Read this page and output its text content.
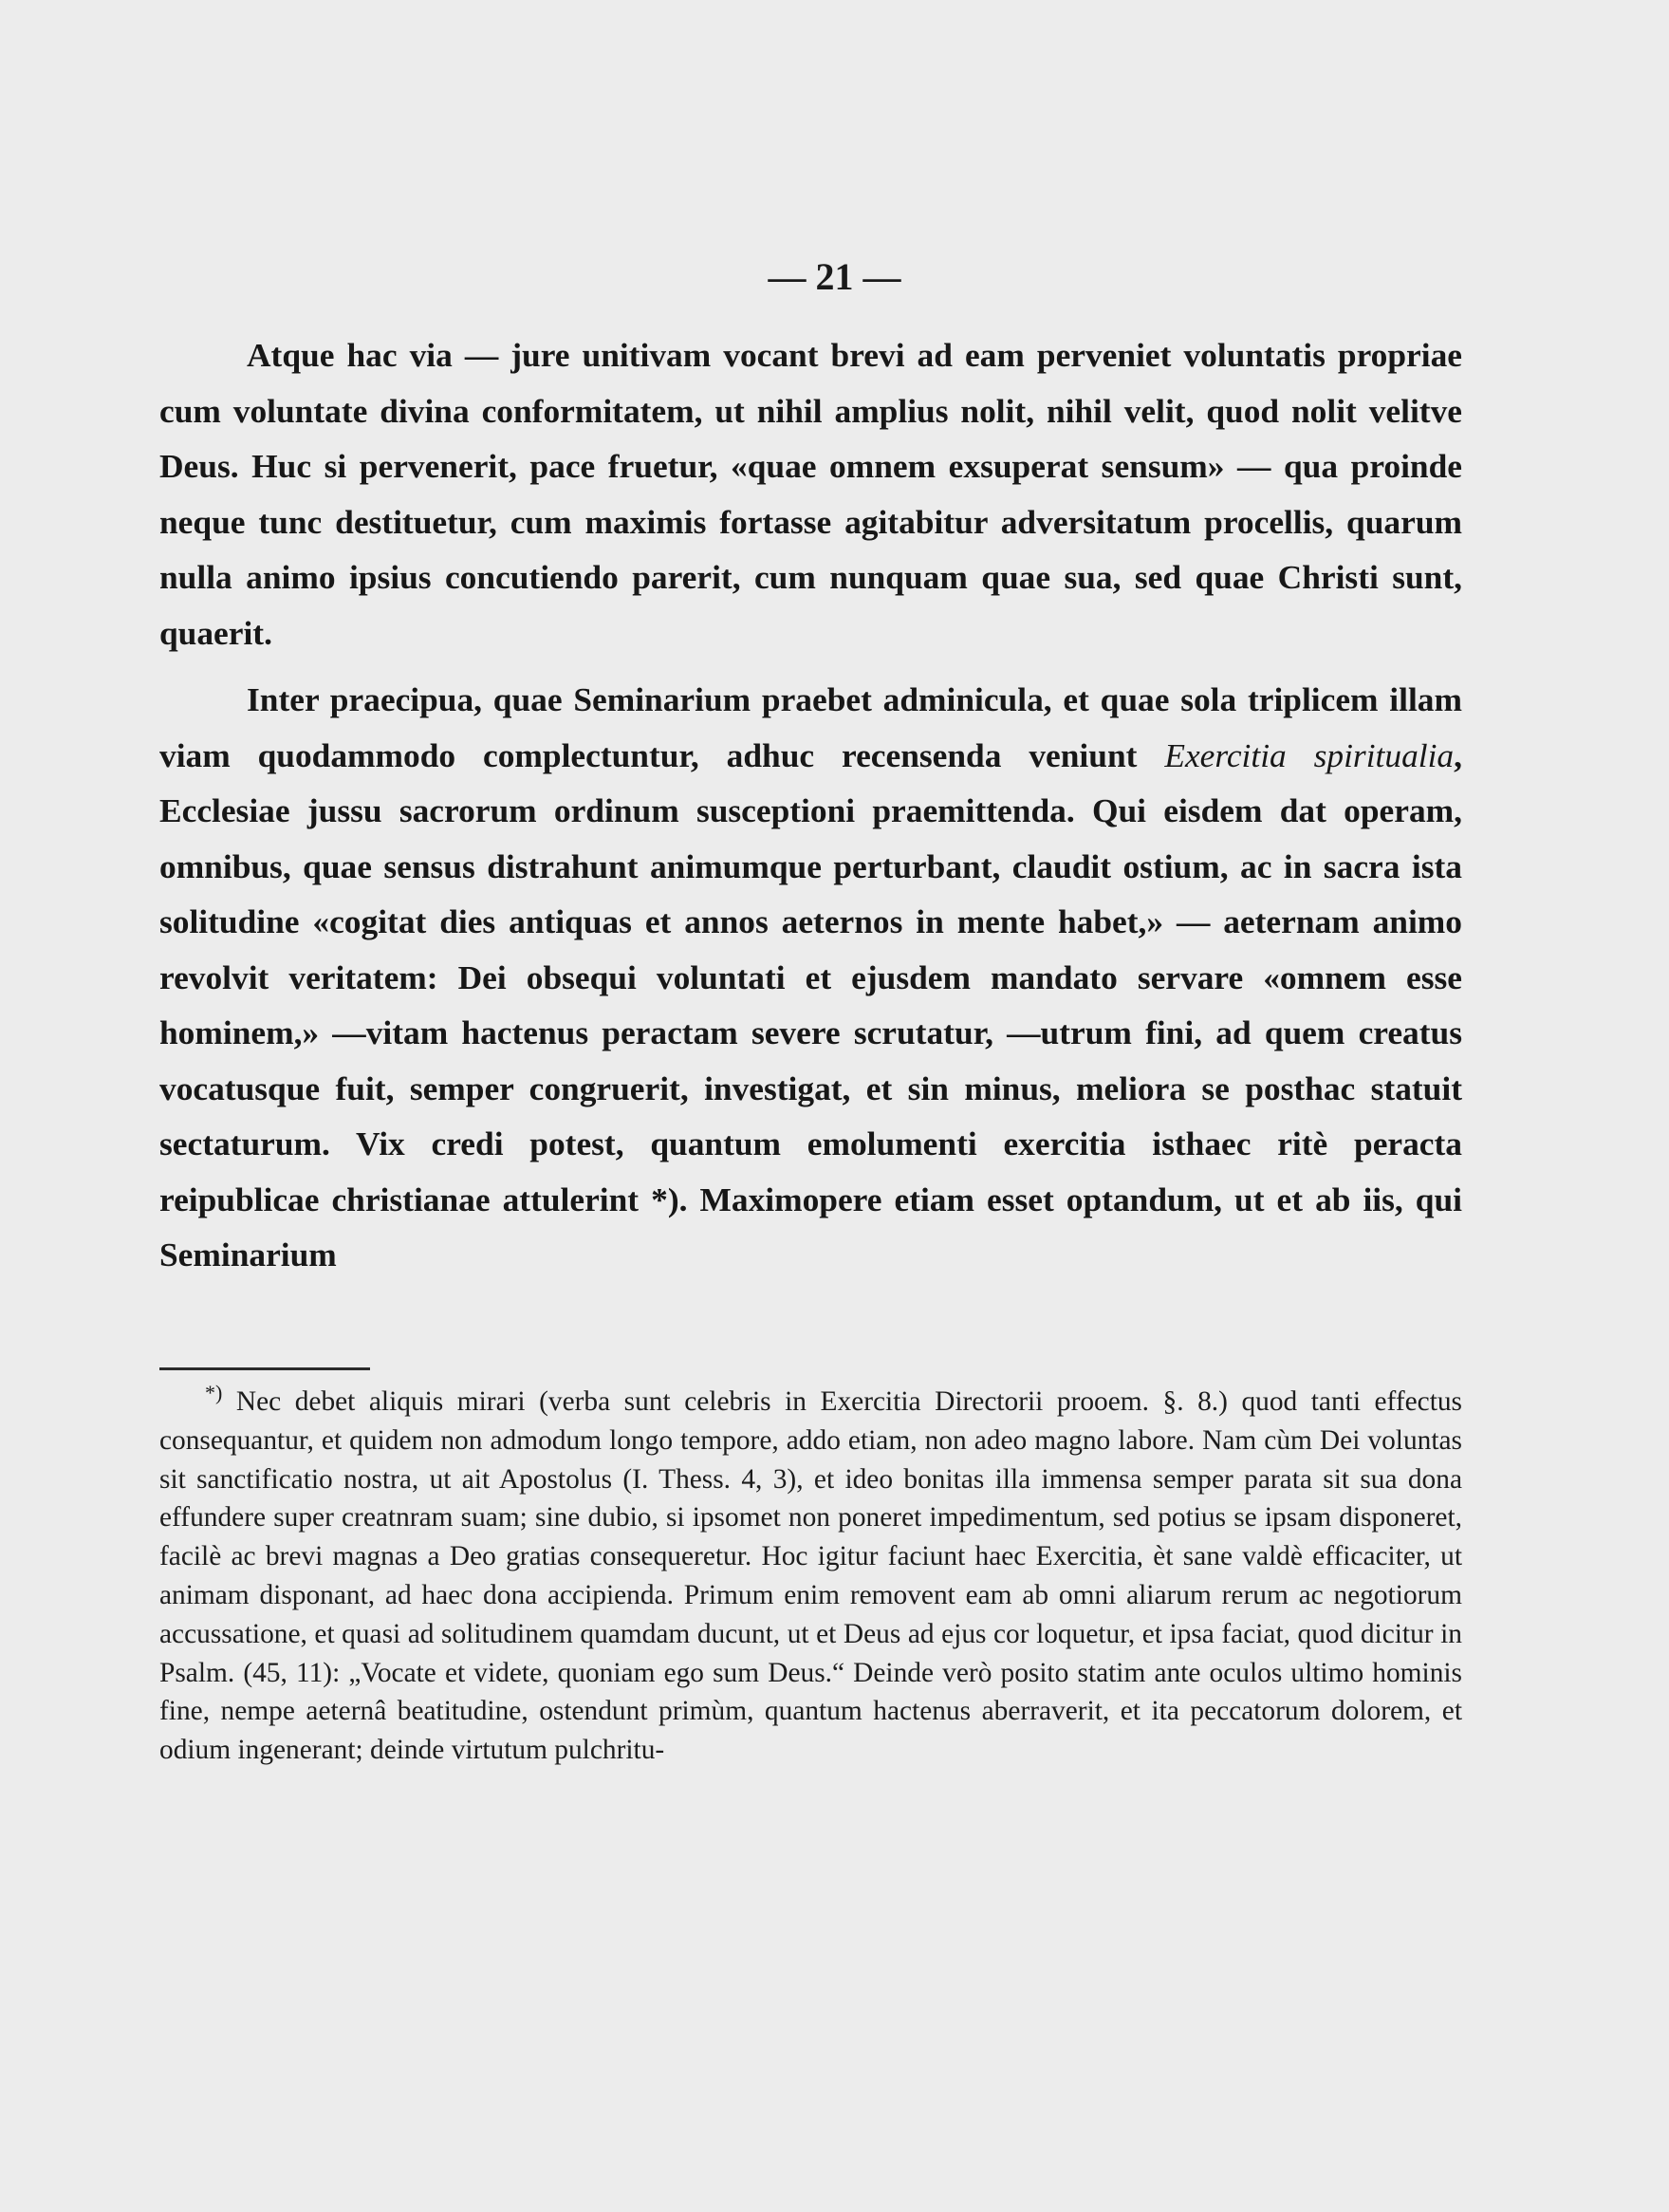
— 21 —

Atque hac via — jure unitivam vocant brevi ad eam perveniet voluntatis propriae cum voluntate divina conformitatem, ut nihil amplius nolit, nihil velit, quod nolit velitve Deus. Huc si pervenerit, pace fruetur, «quae omnem exsuperat sensum» — qua proinde neque tunc destituetur, cum maximis fortasse agitabitur adversitatum procellis, quarum nulla animo ipsius concutiendo parerit, cum nunquam quae sua, sed quae Christi sunt, quaerit.

Inter praecipua, quae Seminarium praebet adminicula, et quae sola triplicem illam viam quodammodo complectuntur, adhuc recensenda veniunt Exercitia spiritualia, Ecclesiae jussu sacrorum ordinum susceptioni praemittenda. Qui eisdem dat operam, omnibus, quae sensus distrahunt animumque perturbant, claudit ostium, ac in sacra ista solitudine «cogitat dies antiquas et annos aeternos in mente habet,» — aeternam animo revolvit veritatem: Dei obsequi voluntati et ejusdem mandato servare «omnem esse hominem,» —vitam hactenus peractam severe scrutatur, —utrum fini, ad quem creatus vocatusque fuit, semper congruerit, investigat, et sin minus, meliora se posthac statuit sectaturum. Vix credi potest, quantum emolumenti exercitia isthaec ritè peracta reipublicae christianae attulerint *). Maximopere etiam esset optandum, ut et ab iis, qui Seminarium

*) Nec debet aliquis mirari (verba sunt celebris in Exercitia Directorii prooem. §. 8.) quod tanti effectus consequantur, et quidem non admodum longo tempore, addo etiam, non adeo magno labore. Nam cùm Dei voluntas sit sanctificatio nostra, ut ait Apostolus (I. Thess. 4, 3), et ideo bonitas illa immensa semper parata sit sua dona effundere super creatnram suam; sine dubio, si ipsomet non poneret impedimentum, sed potius se ipsam disponeret, facilè ac brevi magnas a Deo gratias consequeretur. Hoc igitur faciunt haec Exercitia, èt sane valdè efficaciter, ut animam disponant, ad haec dona accipienda. Primum enim removent eam ab omni aliarum rerum ac negotiorum accussatione, et quasi ad solitudinem quamdam ducunt, ut et Deus ad ejus cor loquetur, et ipsa faciat, quod dicitur in Psalm. (45, 11): „Vocate et videte, quoniam ego sum Deus.“ Deinde verò posito statim ante oculos ultimo hominis fine, nempe aeternâ beatitudine, ostendunt primùm, quantum hactenus aberraverit, et ita peccatorum dolorem, et odium ingenerant; deinde virtutum pulchritu-
